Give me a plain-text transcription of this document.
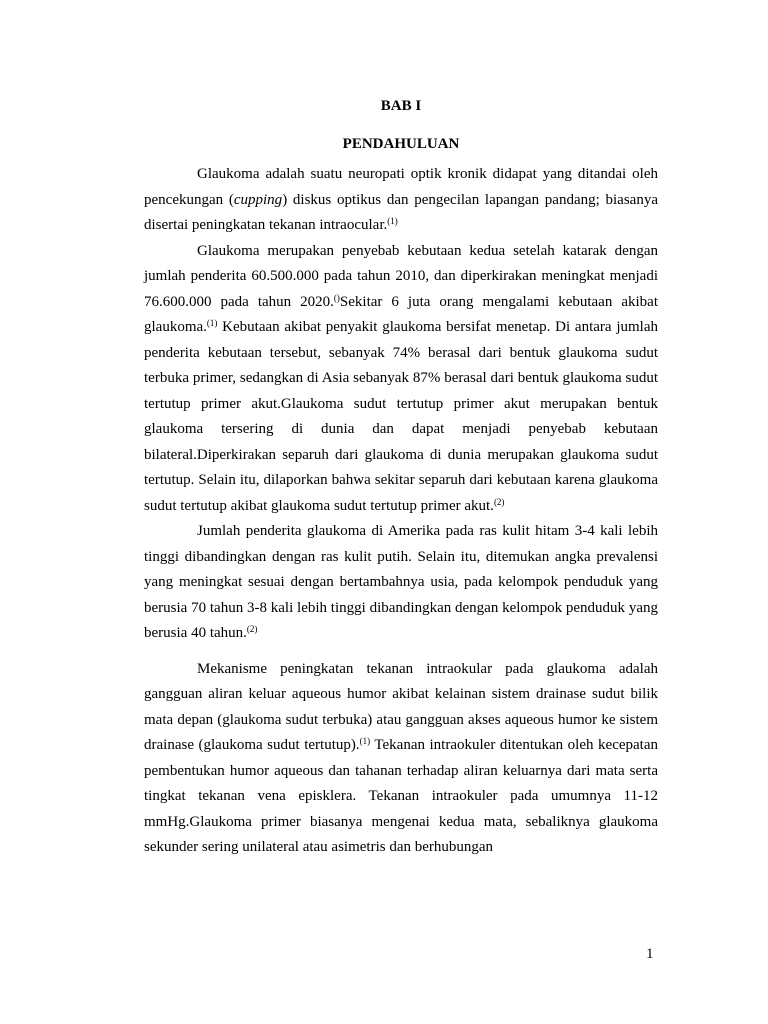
BAB I

PENDAHULUAN

Glaukoma adalah suatu neuropati optik kronik didapat yang ditandai oleh pencekungan (cupping) diskus optikus dan pengecilan lapangan pandang; biasanya disertai peningkatan tekanan intraocular.$^{(1)}$

Glaukoma merupakan penyebab kebutaan kedua setelah katarak dengan jumlah penderita 60.500.000 pada tahun 2010, dan diperkirakan meningkat menjadi 76.600.000 pada tahun 2020.()Sekitar 6 juta orang mengalami kebutaan akibat glaukoma.$^{(1)}$ Kebutaan akibat penyakit glaukoma bersifat menetap. Di antara jumlah penderita kebutaan tersebut, sebanyak 74% berasal dari bentuk glaukoma sudut terbuka primer, sedangkan di Asia sebanyak 87% berasal dari bentuk glaukoma sudut tertutup primer akut.Glaukoma sudut tertutup primer akut merupakan bentuk glaukoma tersering di dunia dan dapat menjadi penyebab kebutaan bilateral.Diperkirakan separuh dari glaukoma di dunia merupakan glaukoma sudut tertutup. Selain itu, dilaporkan bahwa sekitar separuh dari kebutaan karena glaukoma sudut tertutup akibat glaukoma sudut tertutup primer akut.$^{(2)}$

Jumlah penderita glaukoma di Amerika pada ras kulit hitam 3-4 kali lebih tinggi dibandingkan dengan ras kulit putih. Selain itu, ditemukan angka prevalensi yang meningkat sesuai dengan bertambahnya usia, pada kelompok penduduk yang berusia 70 tahun 3-8 kali lebih tinggi dibandingkan dengan kelompok penduduk yang berusia 40 tahun.$^{(2)}$

Mekanisme peningkatan tekanan intraokular pada glaukoma adalah gangguan aliran keluar aqueous humor akibat kelainan sistem drainase sudut bilik mata depan (glaukoma sudut terbuka) atau gangguan akses aqueous humor ke sistem drainase (glaukoma sudut tertutup).$^{(1)}$ Tekanan intraokuler ditentukan oleh kecepatan pembentukan humor aqueous dan tahanan terhadap aliran keluarnya dari mata serta tingkat tekanan vena episklera. Tekanan intraokuler pada umumnya 11-12 mmHg.Glaukoma primer biasanya mengenai kedua mata, sebaliknya glaukoma sekunder sering unilateral atau asimetris dan berhubungan

1
